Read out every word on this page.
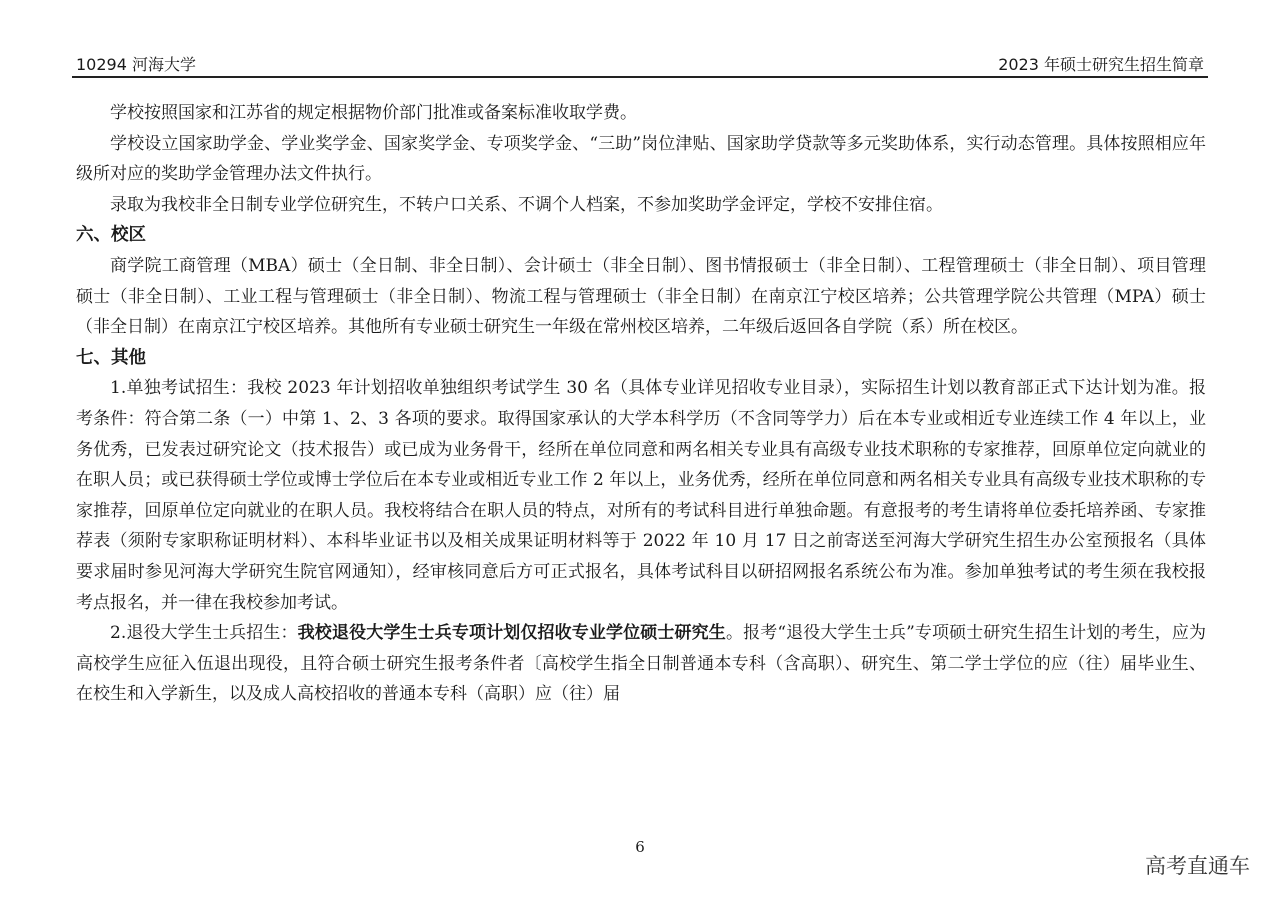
10294 河海大学	2023 年硕士研究生招生简章

学校按照国家和江苏省的规定根据物价部门批准或备案标准收取学费。

学校设立国家助学金、学业奖学金、国家奖学金、专项奖学金、“三助”岗位津贴、国家助学贷款等多元奖助体系，实行动态管理。具体按照相应年级所对应的奖助学金管理办法文件执行。

录取为我校非全日制专业学位研究生，不转户口关系、不调个人档案，不参加奖助学金评定，学校不安排住宿。

六、校区

商学院工商管理（MBA）硕士（全日制、非全日制）、会计硕士（非全日制）、图书情报硕士（非全日制）、工程管理硕士（非全日制）、项目管理硕士（非全日制）、工业工程与管理硕士（非全日制）、物流工程与管理硕士（非全日制）在南京江宁校区培养；公共管理学院公共管理（MPA）硕士（非全日制）在南京江宁校区培养。其他所有专业硕士研究生一年级在常州校区培养，二年级后返回各自学院（系）所在校区。

七、其他

1.单独考试招生：我校 2023 年计划招收单独组织考试学生 30 名（具体专业详见招收专业目录），实际招生计划以教育部正式下达计划为准。报考条件：符合第二条（一）中第 1、2、3 各项的要求。取得国家承认的大学本科学历（不含同等学力）后在本专业或相近专业连续工作 4 年以上，业务优秀，已发表过研究论文（技术报告）或已成为业务骨干，经所在单位同意和两名相关专业具有高级专业技术职称的专家推荐，回原单位定向就业的在职人员；或已获得硕士学位或博士学位后在本专业或相近专业工作 2 年以上，业务优秀，经所在单位同意和两名相关专业具有高级专业技术职称的专家推荐，回原单位定向就业的在职人员。我校将结合在职人员的特点，对所有的考试科目进行单独命题。有意报考的考生请将单位委托培养函、专家推荐表（须附专家职称证明材料）、本科毕业证书以及相关成果证明材料等于 2022 年 10 月 17 日之前寄送至河海大学研究生招生办公室预报名（具体要求届时参见河海大学研究生院官网通知），经审核同意后方可正式报名，具体考试科目以研招网报名系统公布为准。参加单独考试的考生须在我校报考点报名，并一律在我校参加考试。

2.退役大学生士兵招生：我校退役大学生士兵专项计划仅招收专业学位硕士研究生。报考“退役大学生士兵”专项硕士研究生招生计划的考生，应为高校学生应征入伍退出现役，且符合硕士研究生报考条件者〔高校学生指全日制普通本专科（含高职）、研究生、第二学士学位的应（往）届毕业生、在校生和入学新生，以及成人高校招收的普通本专科（高职）应（往）届

6
高考直通车
